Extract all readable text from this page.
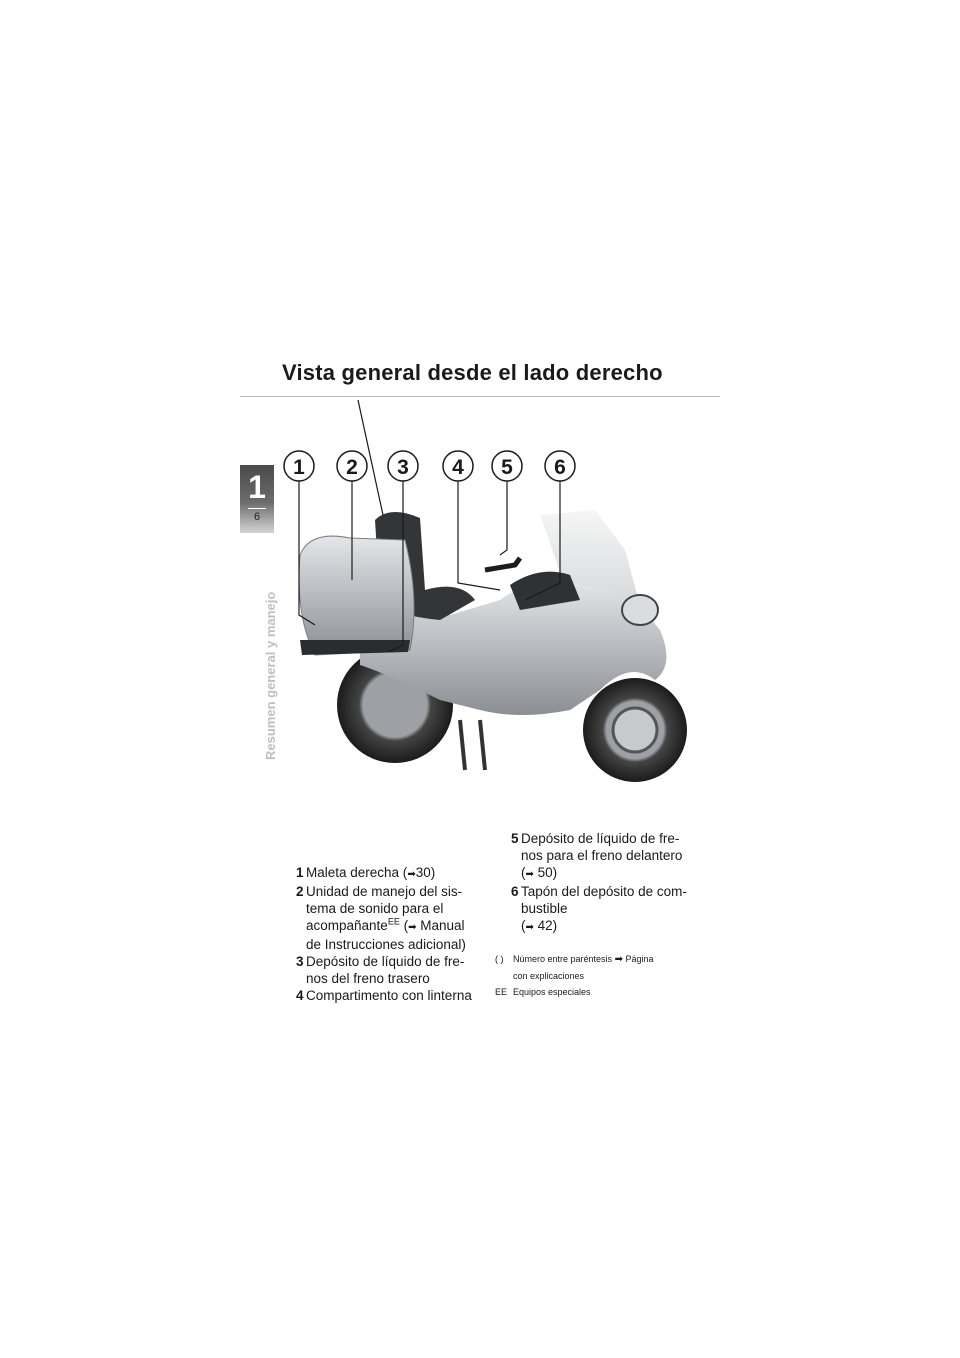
Vista general desde el lado derecho
1
6
Resumen general y manejo
1 2 3 4 5 6
1 Maleta derecha (➡30)
2 Unidad de manejo del sis-
tema de sonido para el
acompañante$^{EE}$ (➡ Manual
de Instrucciones adicional)
3 Depósito de líquido de fre-
nos del freno trasero
4 Compartimento con linterna
5 Depósito de líquido de fre-
nos para el freno delantero
(➡ 50)
6 Tapón del depósito de com-
bustible
(➡ 42)
( ) Número entre paréntesis ➡ Página
con explicaciones
EE Equipos especiales
